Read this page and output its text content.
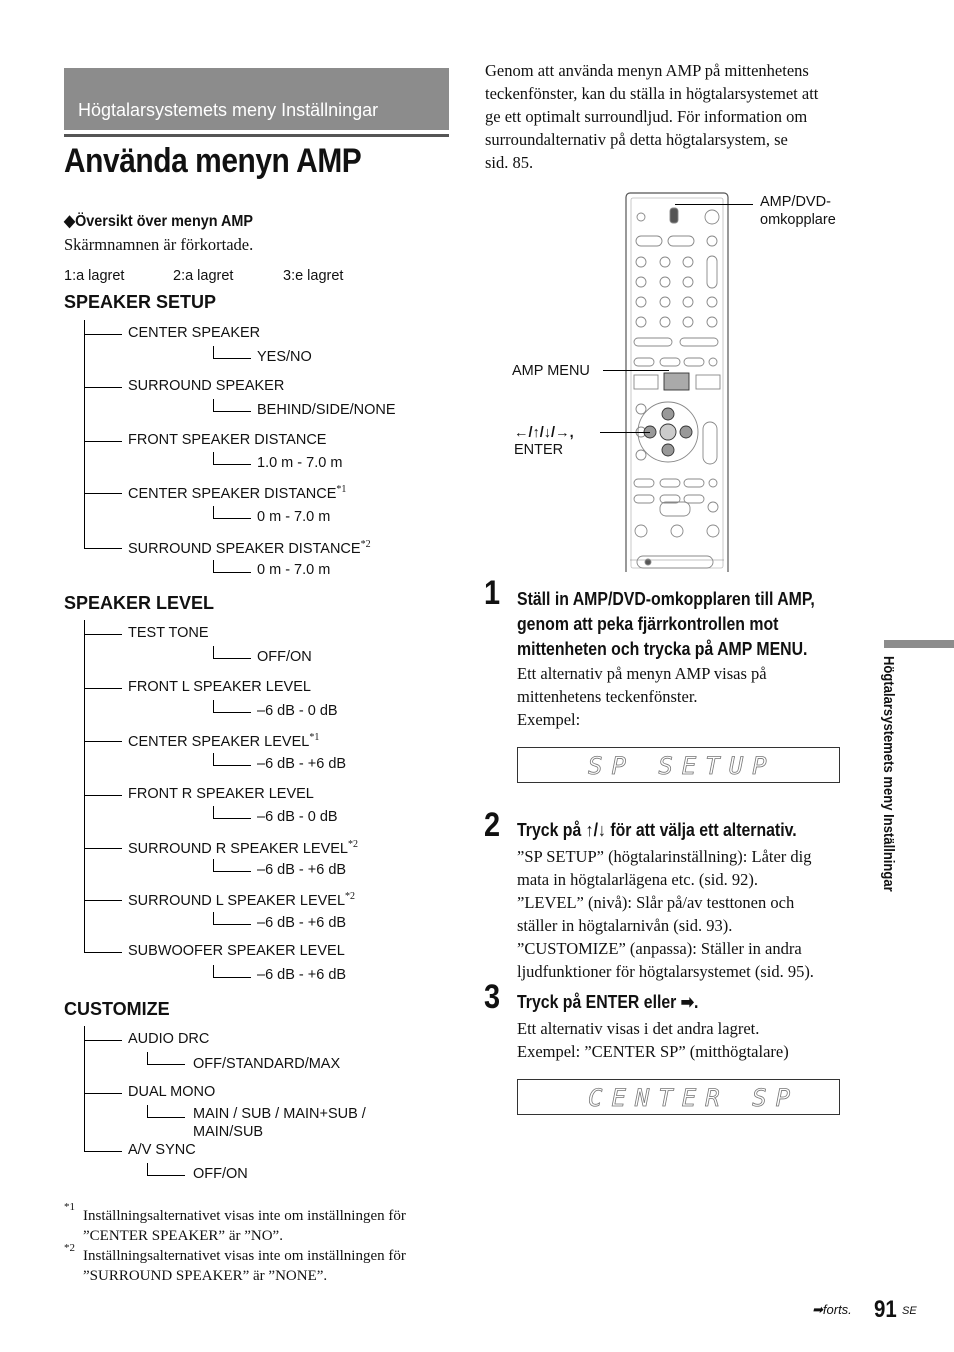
Högtalarsystemets meny Inställningar
Använda menyn AMP
◆Översikt över menyn AMP
Skärmnamnen är förkortade.
1:a lagret	2:a lagret	3:e lagret
SPEAKER SETUP
CENTER SPEAKER
YES/NO
SURROUND SPEAKER
BEHIND/SIDE/NONE
FRONT SPEAKER DISTANCE
1.0 m - 7.0 m
CENTER SPEAKER DISTANCE$^{*1}$
0 m - 7.0 m
SURROUND SPEAKER DISTANCE$^{*2}$
0 m - 7.0 m
SPEAKER LEVEL
TEST TONE
OFF/ON
FRONT L SPEAKER LEVEL
–6 dB - 0 dB
CENTER SPEAKER LEVEL$^{*1}$
–6 dB - +6 dB
FRONT R SPEAKER LEVEL
–6 dB - 0 dB
SURROUND R SPEAKER LEVEL$^{*2}$
–6 dB - +6 dB
SURROUND L SPEAKER LEVEL$^{*2}$
–6 dB - +6 dB
SUBWOOFER SPEAKER LEVEL
–6 dB - +6 dB
CUSTOMIZE
AUDIO DRC
OFF/STANDARD/MAX
DUAL MONO
MAIN / SUB / MAIN+SUB /
MAIN/SUB
A/V SYNC
OFF/ON
*1
Inställningsalternativet visas inte om inställningen för
”CENTER SPEAKER” är ”NO”.
*2 Inställningsalternativet visas inte om inställningen för
”SURROUND SPEAKER” är ”NONE”.
Genom att använda menyn AMP på mittenhetens
teckenfönster, kan du ställa in högtalarsystemet att
ge ett optimalt surroundljud. För information om
surroundalternativ på detta högtalarsystem, se
sid. 85.
AMP/DVD-
omkopplare
AMP MENU
←/↑/↓/→,
ENTER
1 Ställ in AMP/DVD-omkopplaren till AMP,
genom att peka fjärrkontrollen mot
mittenheten och trycka på AMP MENU.
Ett alternativ på menyn AMP visas på
mittenhetens teckenfönster.
Exempel:
SP SETUP
2 Tryck på ↑/↓ för att välja ett alternativ.
”SP SETUP” (högtalarinställning): Låter dig
mata in högtalarlägena etc. (sid. 92).
”LEVEL” (nivå): Slår på/av testtonen och
ställer in högtalarnivån (sid. 93).
”CUSTOMIZE” (anpassa): Ställer in andra
ljudfunktioner för högtalarsystemet (sid. 95).
3 Tryck på ENTER eller ➡.
Ett alternativ visas i det andra lagret.
Exempel: ”CENTER SP” (mitthögtalare)
CENTER SP
Högtalarsystemets meny Inställningar
➡forts. 91 SE
